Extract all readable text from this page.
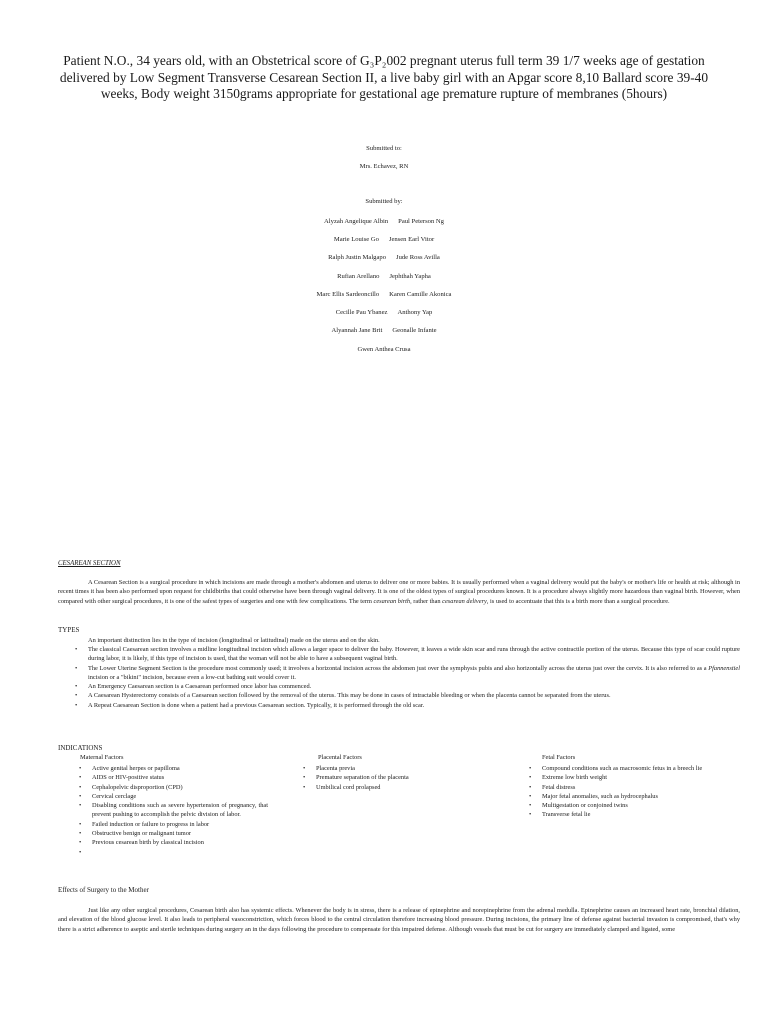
Patient N.O., 34 years old, with an Obstetrical score of G₃P₂002 pregnant uterus full term 39 1/7 weeks age of gestation delivered by Low Segment Transverse Cesarean Section II, a live baby girl with an Apgar score 8,10 Ballard score 39-40 weeks, Body weight 3150grams appropriate for gestational age premature rupture of membranes (5hours)
Submitted to:
Mrs. Echavez, RN
Submitted by:
Alyzah Angelique Albin	Paul Peterson Ng
Marie Louise Go	Jensen Earl Vitor
Ralph Justin Malgapo	Jude Ross Avilla
Rufian Arellano	Jephthah Yapha
Marc Ellis Sardeoncillo	Karen Camille Akonica
Cecille Pau Ybanez	Anthony Yap
Alyannah Jane Brit	Geonalle Infante
Gwen Anthea Crusa
CESAREAN SECTION
A Cesarean Section is a surgical procedure in which incisions are made through a mother's abdomen and uterus to deliver one or more babies. It is usually performed when a vaginal delivery would put the baby's or mother's life or health at risk; although in recent times it has been also performed upon request for childbirths that could otherwise have been through vaginal delivery. It is one of the oldest types of surgical procedures known. It is a procedure always slightly more hazardous than vaginal birth. However, when compared with other surgical procedures, it is one of the safest types of surgeries and one with few complications. The term cesarean birth, rather than cesarean delivery, is used to accentuate that this is a birth more than a surgical procedure.
TYPES
An important distinction lies in the type of incision (longitudinal or latitudinal) made on the uterus and on the skin.
• The classical Caesarean section involves a midline longitudinal incision which allows a larger space to deliver the baby. However, it leaves a wide skin scar and runs through the active contractile portion of the uterus. Because this type of scar could rupture during labor, it is likely, if this type of incision is used, that the woman will not be able to have a subsequent vaginal birth.
• The Lower Uterine Segment Section is the procedure most commonly used; it involves a horizontal incision across the abdomen just over the symphysis pubis and also horizontally across the uterus just over the cervix. It is also referred to as a Pfannenstiel incision or a "bikini" incision, because even a low-cut bathing suit would cover it.
• An Emergency Caesarean section is a Caesarean performed once labor has commenced.
• A Caesarean Hysterectomy consists of a Caesarean section followed by the removal of the uterus. This may be done in cases of intractable bleeding or when the placenta cannot be separated from the uterus.
• A Repeat Caesarean Section is done when a patient had a previous Caesarean section. Typically, it is performed through the old scar.
INDICATIONS
Maternal Factors
• Active genital herpes or papilloma
• AIDS or HIV-positive status
• Cephalopelvic disproportion (CPD)
• Cervical cerclage
• Disabling conditions such as severe hypertension of pregnancy, that prevent pushing to accomplish the pelvic division of labor.
• Failed induction or failure to progress in labor
• Obstructive benign or malignant tumor
• Previous cesarean birth by classical incision
•
Placental Factors
• Placenta previa
• Premature separation of the placenta
• Umbilical cord prolapsed
Fetal Factors
• Compound conditions such as macrosomic fetus in a breech lie
• Extreme low birth weight
• Fetal distress
• Major fetal anomalies, such as hydrocephalus
• Multigestation or conjoined twins
• Transverse fetal lie
Effects of Surgery to the Mother
Just like any other surgical procedures, Cesarean birth also has systemic effects. Whenever the body is in stress, there is a release of epinephrine and norepinephrine from the adrenal medulla. Epinephrine causes an increased heart rate, bronchial dilation, and elevation of the blood glucose level. It also leads to peripheral vasoconstriction, which forces blood to the central circulation therefore increasing blood pressure. During incisions, the primary line of defense against bacterial invasion is compromised, that's why there is a strict adherence to aseptic and sterile techniques during surgery an in the days following the procedure to compensate for this impaired defense. Although vessels that must be cut for surgery are immediately clamped and ligated, some
